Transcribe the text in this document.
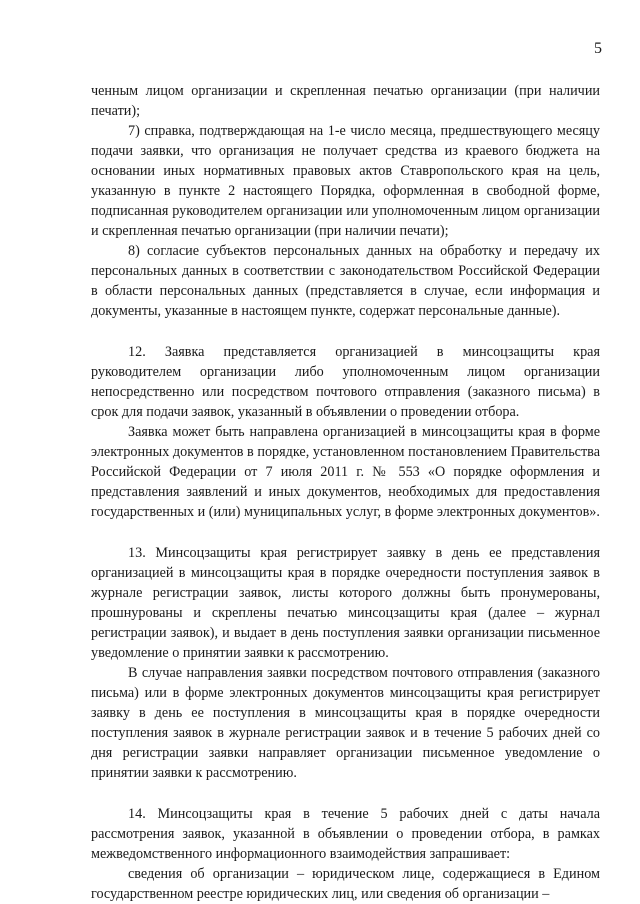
5

ченным лицом организации и скрепленная печатью организации (при наличии печати);

7) справка, подтверждающая на 1-е число месяца, предшествующего месяцу подачи заявки, что организация не получает средства из краевого бюджета на основании иных нормативных правовых актов Ставропольского края на цель, указанную в пункте 2 настоящего Порядка, оформленная в свободной форме, подписанная руководителем организации или уполномоченным лицом организации и скрепленная печатью организации (при наличии печати);

8) согласие субъектов персональных данных на обработку и передачу их персональных данных в соответствии с законодательством Российской Федерации в области персональных данных (представляется в случае, если информация и документы, указанные в настоящем пункте, содержат персональные данные).

12. Заявка представляется организацией в минсоцзащиты края руководителем организации либо уполномоченным лицом организации непосредственно или посредством почтового отправления (заказного письма) в срок для подачи заявок, указанный в объявлении о проведении отбора.

Заявка может быть направлена организацией в минсоцзащиты края в форме электронных документов в порядке, установленном постановлением Правительства Российской Федерации от 7 июля 2011 г. № 553 «О порядке оформления и представления заявлений и иных документов, необходимых для предоставления государственных и (или) муниципальных услуг, в форме электронных документов».

13. Минсоцзащиты края регистрирует заявку в день ее представления организацией в минсоцзащиты края в порядке очередности поступления заявок в журнале регистрации заявок, листы которого должны быть пронумерованы, прошнурованы и скреплены печатью минсоцзащиты края (далее – журнал регистрации заявок), и выдает в день поступления заявки организации письменное уведомление о принятии заявки к рассмотрению.

В случае направления заявки посредством почтового отправления (заказного письма) или в форме электронных документов минсоцзащиты края регистрирует заявку в день ее поступления в минсоцзащиты края в порядке очередности поступления заявок в журнале регистрации заявок и в течение 5 рабочих дней со дня регистрации заявки направляет организации письменное уведомление о принятии заявки к рассмотрению.

14. Минсоцзащиты края в течение 5 рабочих дней с даты начала рассмотрения заявок, указанной в объявлении о проведении отбора, в рамках межведомственного информационного взаимодействия запрашивает:

сведения об организации – юридическом лице, содержащиеся в Едином государственном реестре юридических лиц, или сведения об организации –
